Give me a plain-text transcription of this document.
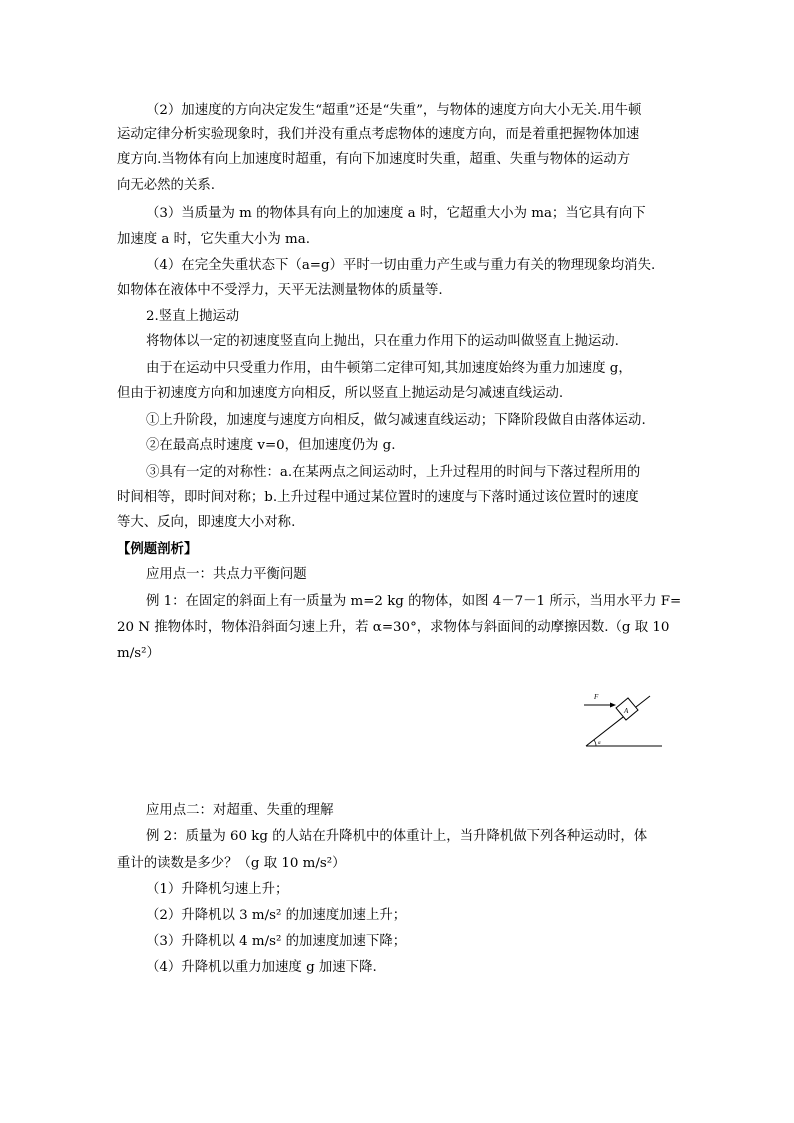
（2）加速度的方向决定发生“超重”还是“失重”，与物体的速度方向大小无关.用牛顿
运动定律分析实验现象时，我们并没有重点考虑物体的速度方向，而是着重把握物体加速
度方向.当物体有向上加速度时超重，有向下加速度时失重，超重、失重与物体的运动方
向无必然的关系.
（3）当质量为 m 的物体具有向上的加速度 a 时，它超重大小为 ma；当它具有向下
加速度 a 时，它失重大小为 ma.
（4）在完全失重状态下（a=g）平时一切由重力产生或与重力有关的物理现象均消失.
如物体在液体中不受浮力，天平无法测量物体的质量等.
2.竖直上抛运动
将物体以一定的初速度竖直向上抛出，只在重力作用下的运动叫做竖直上抛运动.
由于在运动中只受重力作用，由牛顿第二定律可知,其加速度始终为重力加速度 g，
但由于初速度方向和加速度方向相反，所以竖直上抛运动是匀减速直线运动.
①上升阶段，加速度与速度方向相反，做匀减速直线运动；下降阶段做自由落体运动.
②在最高点时速度 v=0，但加速度仍为 g.
③具有一定的对称性：a.在某两点之间运动时，上升过程用的时间与下落过程所用的
时间相等，即时间对称；b.上升过程中通过某位置时的速度与下落时通过该位置时的速度
等大、反向，即速度大小对称.
【例题剖析】
应用点一：共点力平衡问题
例 1：在固定的斜面上有一质量为 m=2 kg 的物体，如图 4－7－1 所示，当用水平力 F=
20 N 推物体时，物体沿斜面匀速上升，若 α=30°，求物体与斜面间的动摩擦因数.（g 取 10
m/s²）
F
A
α
应用点二：对超重、失重的理解
例 2：质量为 60 kg 的人站在升降机中的体重计上，当升降机做下列各种运动时，体
重计的读数是多少？（g 取 10 m/s²）
（1）升降机匀速上升；
（2）升降机以 3 m/s² 的加速度加速上升；
（3）升降机以 4 m/s² 的加速度加速下降；
（4）升降机以重力加速度 g 加速下降.
